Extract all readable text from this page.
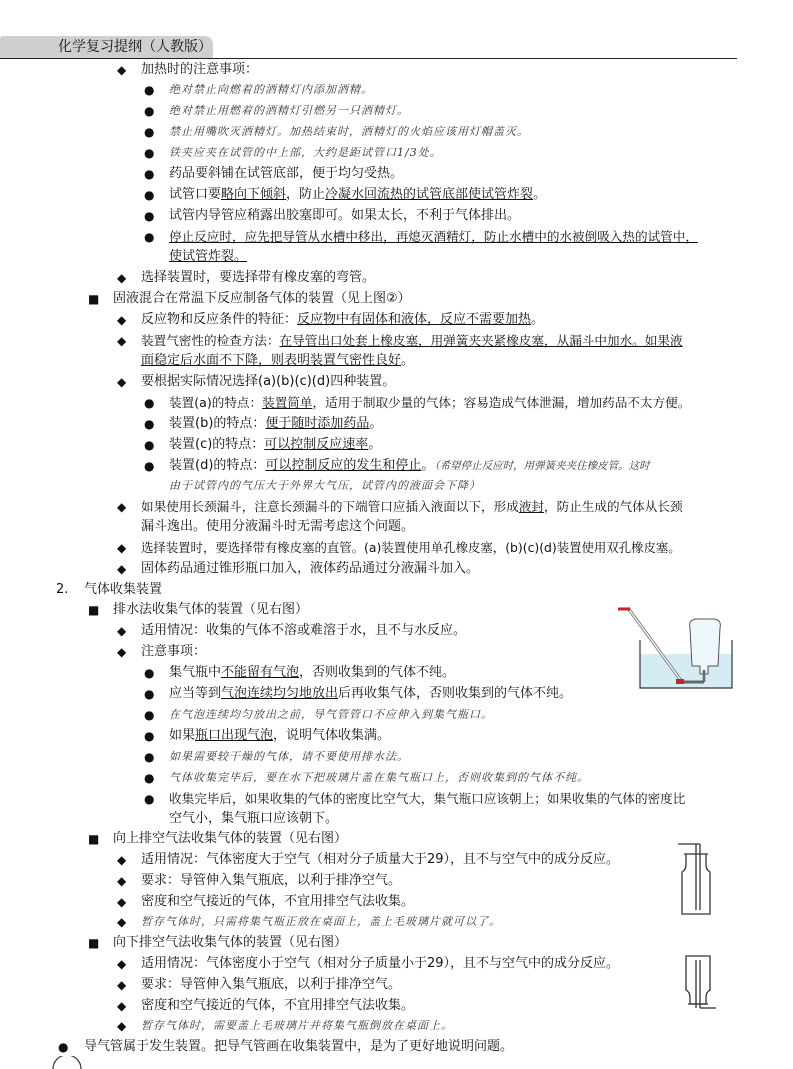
化学复习提纲（人教版）
◆ 加热时的注意事项：
● 绝对禁止向燃着的酒精灯内添加酒精。
● 绝对禁止用燃着的酒精灯引燃另一只酒精灯。
● 禁止用嘴吹灭酒精灯。加热结束时，酒精灯的火焰应该用灯帽盖灭。
● 铁夹应夹在试管的中上部，大约是距试管口1/3处。
● 药品要斜铺在试管底部，便于均匀受热。
● 试管口要略向下倾斜，防止冷凝水回流热的试管底部使试管炸裂。
● 试管内导管应稍露出胶塞即可。如果太长，不利于气体排出。
● 停止反应时，应先把导管从水槽中移出，再熄灭酒精灯，防止水槽中的水被倒吸入热的试管中，
使试管炸裂。
◆ 选择装置时，要选择带有橡皮塞的弯管。
■ 固液混合在常温下反应制备气体的装置（见上图②）
◆ 反应物和反应条件的特征：反应物中有固体和液体，反应不需要加热。
◆ 装置气密性的检查方法：在导管出口处套上橡皮塞，用弹簧夹夹紧橡皮塞，从漏斗中加水。如果液
面稳定后水面不下降，则表明装置气密性良好。
◆ 要根据实际情况选择(a)(b)(c)(d)四种装置。
● 装置(a)的特点：装置简单，适用于制取少量的气体；容易造成气体泄漏，增加药品不太方便。
● 装置(b)的特点：便于随时添加药品。
● 装置(c)的特点：可以控制反应速率。
● 装置(d)的特点：可以控制反应的发生和停止。（希望停止反应时，用弹簧夹夹住橡皮管。这时
由于试管内的气压大于外界大气压，试管内的液面会下降）
◆ 如果使用长颈漏斗，注意长颈漏斗的下端管口应插入液面以下，形成液封，防止生成的气体从长颈
漏斗逸出。使用分液漏斗时无需考虑这个问题。
◆ 选择装置时，要选择带有橡皮塞的直管。(a)装置使用单孔橡皮塞，(b)(c)(d)装置使用双孔橡皮塞。
◆ 固体药品通过锥形瓶口加入，液体药品通过分液漏斗加入。
2. 气体收集装置
■ 排水法收集气体的装置（见右图）
◆ 适用情况：收集的气体不溶或难溶于水，且不与水反应。
◆ 注意事项：
● 集气瓶中不能留有气泡，否则收集到的气体不纯。
● 应当等到气泡连续均匀地放出后再收集气体，否则收集到的气体不纯。
● 在气泡连续均匀放出之前，导气管管口不应伸入到集气瓶口。
● 如果瓶口出现气泡，说明气体收集满。
● 如果需要较干燥的气体，请不要使用排水法。
● 气体收集完毕后，要在水下把玻璃片盖在集气瓶口上，否则收集到的气体不纯。
● 收集完毕后，如果收集的气体的密度比空气大，集气瓶口应该朝上；如果收集的气体的密度比
空气小，集气瓶口应该朝下。
■ 向上排空气法收集气体的装置（见右图）
◆ 适用情况：气体密度大于空气（相对分子质量大于29），且不与空气中的成分反应。
◆ 要求：导管伸入集气瓶底，以利于排净空气。
◆ 密度和空气接近的气体，不宜用排空气法收集。
◆ 暂存气体时，只需将集气瓶正放在桌面上，盖上毛玻璃片就可以了。
■ 向下排空气法收集气体的装置（见右图）
◆ 适用情况：气体密度小于空气（相对分子质量小于29），且不与空气中的成分反应。
◆ 要求：导管伸入集气瓶底，以利于排净空气。
◆ 密度和空气接近的气体，不宜用排空气法收集。
◆ 暂存气体时，需要盖上毛玻璃片并将集气瓶倒放在桌面上。
● 导气管属于发生装置。把导气管画在收集装置中，是为了更好地说明问题。
